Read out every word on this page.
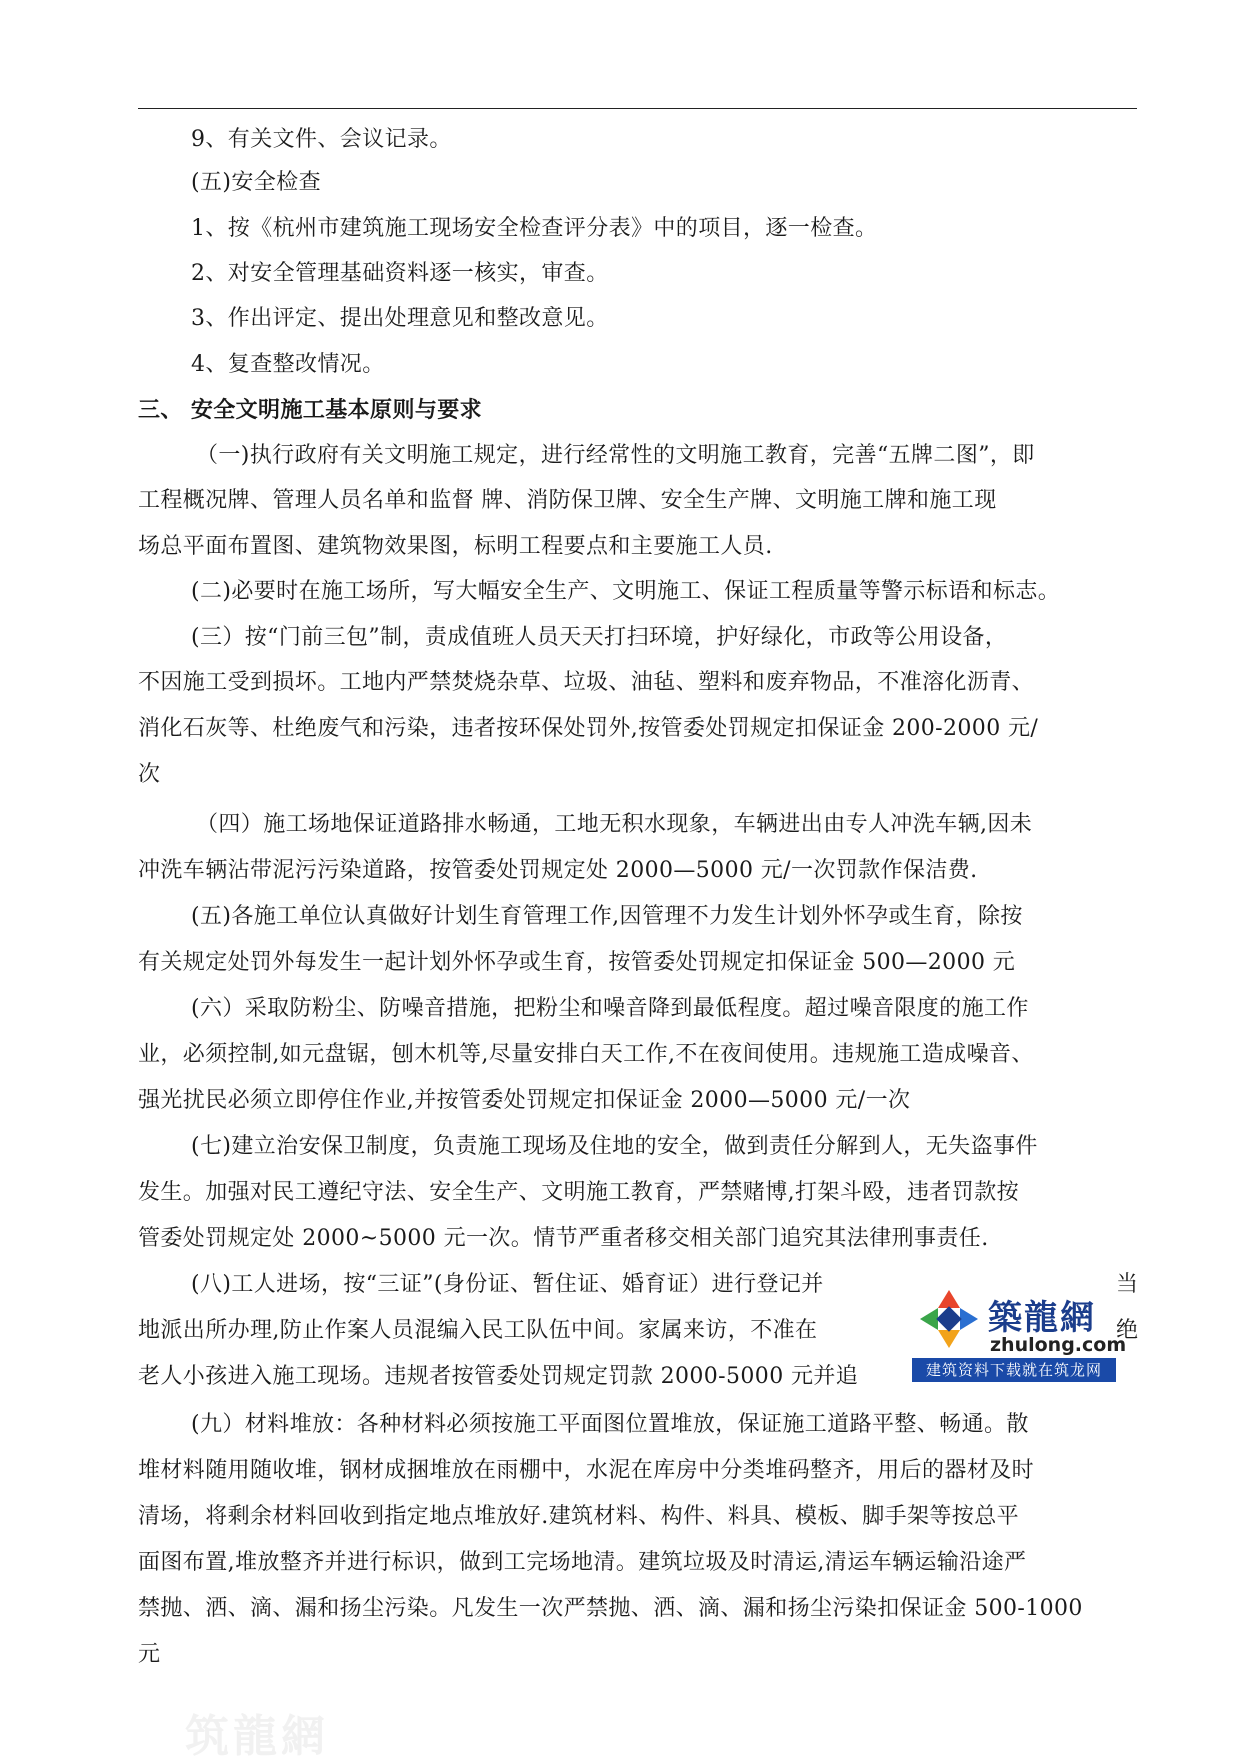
9、有关文件、会议记录。
(五)安全检查
1、按《杭州市建筑施工现场安全检查评分表》中的项目，逐一检查。
2、对安全管理基础资料逐一核实，审查。
3、作出评定、提出处理意见和整改意见。
4、复查整改情况。
三、 安全文明施工基本原则与要求
（一)执行政府有关文明施工规定，进行经常性的文明施工教育，完善“五牌二图”，即
工程概况牌、管理人员名单和监督 牌、消防保卫牌、安全生产牌、文明施工牌和施工现
场总平面布置图、建筑物效果图，标明工程要点和主要施工人员.
(二)必要时在施工场所，写大幅安全生产、文明施工、保证工程质量等警示标语和标志。
(三）按“门前三包”制，责成值班人员天天打扫环境，护好绿化，市政等公用设备，
不因施工受到损坏。工地内严禁焚烧杂草、垃圾、油毡、塑料和废弃物品，不准溶化沥青、
消化石灰等、杜绝废气和污染，违者按环保处罚外,按管委处罚规定扣保证金 200-2000 元/
次
（四）施工场地保证道路排水畅通，工地无积水现象，车辆进出由专人冲洗车辆,因未
冲洗车辆沾带泥污污染道路，按管委处罚规定处 2000—5000 元/一次罚款作保洁费.
(五)各施工单位认真做好计划生育管理工作,因管理不力发生计划外怀孕或生育，除按
有关规定处罚外每发生一起计划外怀孕或生育，按管委处罚规定扣保证金 500—2000 元
(六）采取防粉尘、防噪音措施，把粉尘和噪音降到最低程度。超过噪音限度的施工作
业，必须控制,如元盘锯，刨木机等,尽量安排白天工作,不在夜间使用。违规施工造成噪音、
强光扰民必须立即停住作业,并按管委处罚规定扣保证金 2000—5000 元/一次
(七)建立治安保卫制度，负责施工现场及住地的安全，做到责任分解到人，无失盗事件
发生。加强对民工遵纪守法、安全生产、文明施工教育，严禁赌博,打架斗殴，违者罚款按
管委处罚规定处 2000~5000 元一次。情节严重者移交相关部门追究其法律刑事责任.
(八)工人进场，按“三证”(身份证、暂住证、婚育证）进行登记并
地派出所办理,防止作案人员混编入民工队伍中间。家属来访，不准在
老人小孩进入施工现场。违规者按管委处罚规定罚款 2000-5000 元并追
(九）材料堆放：各种材料必须按施工平面图位置堆放，保证施工道路平整、畅通。散
堆材料随用随收堆，钢材成捆堆放在雨棚中，水泥在库房中分类堆码整齐，用后的器材及时
清场，将剩余材料回收到指定地点堆放好.建筑材料、构件、料具、模板、脚手架等按总平
面图布置,堆放整齐并进行标识，做到工完场地清。建筑垃圾及时清运,清运车辆运输沿途严
禁抛、洒、滴、漏和扬尘污染。凡发生一次严禁抛、洒、滴、漏和扬尘污染扣保证金 500-1000
元
当
绝
築龍網
zhulong.com
建筑资料下载就在筑龙网
筑龍網
